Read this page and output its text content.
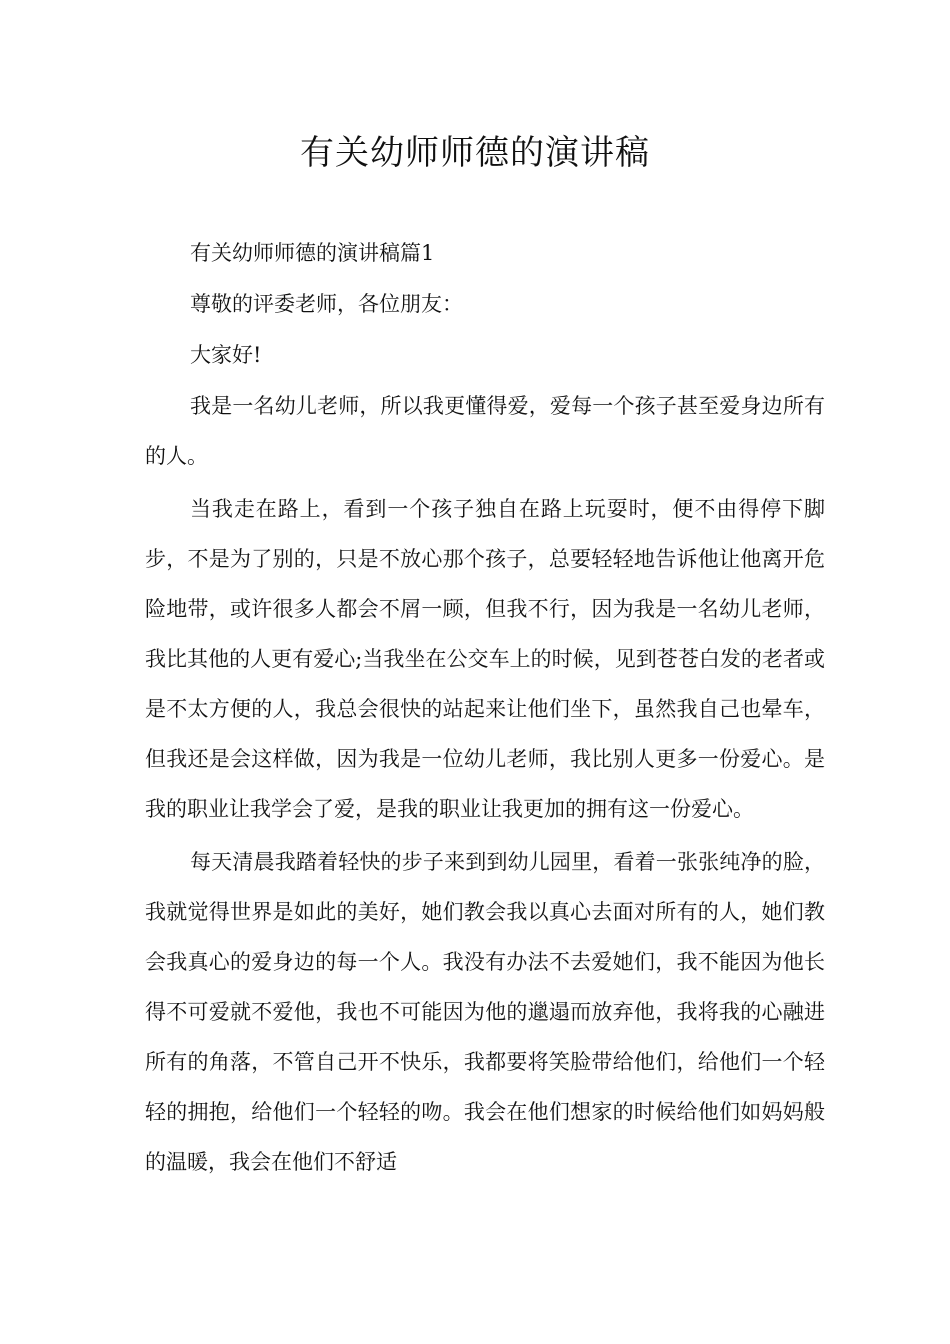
有关幼师师德的演讲稿

有关幼师师德的演讲稿篇1

尊敬的评委老师，各位朋友：

大家好!

我是一名幼儿老师，所以我更懂得爱，爱每一个孩子甚至爱身边所有的人。

当我走在路上，看到一个孩子独自在路上玩耍时，便不由得停下脚步，不是为了别的，只是不放心那个孩子，总要轻轻地告诉他让他离开危险地带，或许很多人都会不屑一顾，但我不行，因为我是一名幼儿老师，我比其他的人更有爱心;当我坐在公交车上的时候，见到苍苍白发的老者或是不太方便的人，我总会很快的站起来让他们坐下，虽然我自己也晕车，但我还是会这样做，因为我是一位幼儿老师，我比别人更多一份爱心。是我的职业让我学会了爱，是我的职业让我更加的拥有这一份爱心。

每天清晨我踏着轻快的步子来到到幼儿园里，看着一张张纯净的脸，我就觉得世界是如此的美好，她们教会我以真心去面对所有的人，她们教会我真心的爱身边的每一个人。我没有办法不去爱她们，我不能因为他长得不可爱就不爱他，我也不可能因为他的邋遢而放弃他，我将我的心融进所有的角落，不管自己开不快乐，我都要将笑脸带给他们，给他们一个轻轻的拥抱，给他们一个轻轻的吻。我会在他们想家的时候给他们如妈妈般的温暖，我会在他们不舒适
